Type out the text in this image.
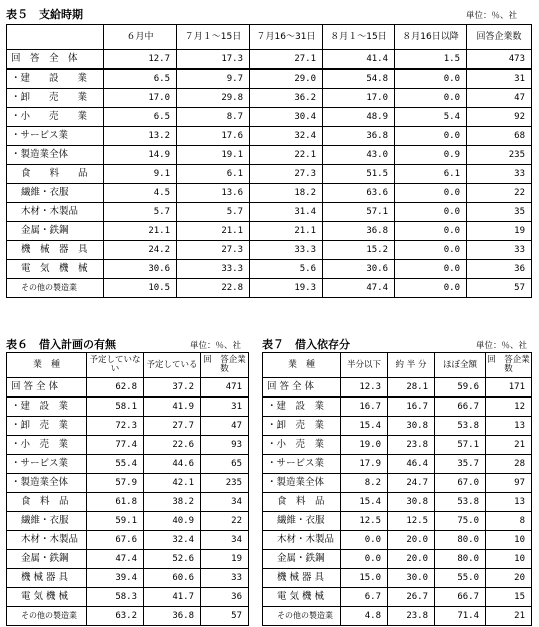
表５　支給時期	単位：％、社
	６月中	７月１～15日	７月16～31日	８月１～15日	８月16日以降	回答企業数
回　答　全　体	12.7	17.3	27.1	41.4	1.5	473
・建　　設　　業	6.5	9.7	29.0	54.8	0.0	31
・卸　　売　　業	17.0	29.8	36.2	17.0	0.0	47
・小　　売　　業	6.5	8.7	30.4	48.9	5.4	92
・サービス業	13.2	17.6	32.4	36.8	0.0	68
・製造業全体	14.9	19.1	22.1	43.0	0.9	235
食　　料　　品	9.1	6.1	27.3	51.5	6.1	33
繊維・衣服	4.5	13.6	18.2	63.6	0.0	22
木材・木製品	5.7	5.7	31.4	57.1	0.0	35
金属・鉄鋼	21.1	21.1	21.1	36.8	0.0	19
機　械　器　具	24.2	27.3	33.3	15.2	0.0	33
電　気　機　械	30.6	33.3	5.6	30.6	0.0	36
その他の製造業	10.5	22.8	19.3	47.4	0.0	57
表６　借入計画の有無	単位：％、社
業　種	予定していない	予定している	回　答企業数
回 答 全 体	62.8	37.2	471
・建　設　業	58.1	41.9	31
・卸　売　業	72.3	27.7	47
・小　売　業	77.4	22.6	93
・サービス業	55.4	44.6	65
・製造業全体	57.9	42.1	235
食　料　品	61.8	38.2	34
繊維・衣服	59.1	40.9	22
木材・木製品	67.6	32.4	34
金属・鉄鋼	47.4	52.6	19
機 械 器 具	39.4	60.6	33
電 気 機 械	58.3	41.7	36
その他の製造業	63.2	36.8	57
表７　借入依存分	単位：％、社
業　種	半分以下	約 半 分	ほぼ全額	回　答企業数
回 答 全 体	12.3	28.1	59.6	171
・建　設　業	16.7	16.7	66.7	12
・卸　売　業	15.4	30.8	53.8	13
・小　売　業	19.0	23.8	57.1	21
・サービス業	17.9	46.4	35.7	28
・製造業全体	8.2	24.7	67.0	97
食　料　品	15.4	30.8	53.8	13
繊維・衣服	12.5	12.5	75.0	8
木材・木製品	0.0	20.0	80.0	10
金属・鉄鋼	0.0	20.0	80.0	10
機 械 器 具	15.0	30.0	55.0	20
電 気 機 械	6.7	26.7	66.7	15
その他の製造業	4.8	23.8	71.4	21
